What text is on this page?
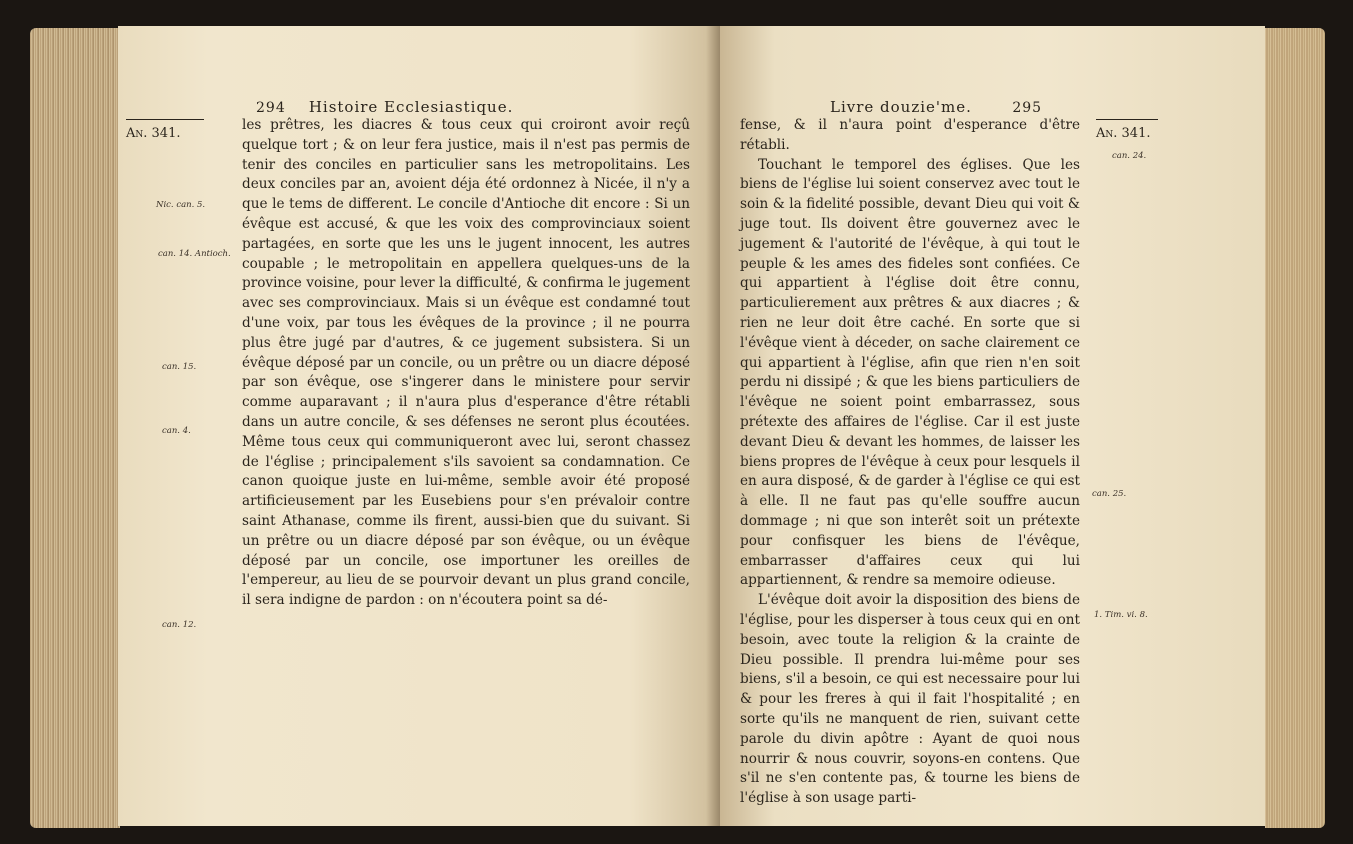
294 Histoire Ecclesiastique.
An. 341.
Nic. can. 5.
can. 14. Antioch.
can. 15.
can. 4.
can. 12.

les prêtres, les diacres & tous ceux qui croiront avoir reçû quelque tort ; & on leur fera justice, mais il n'est pas permis de tenir des conciles en particulier sans les metropolitains. Les deux conciles par an, avoient déja été ordonnez à Nicée, il n'y a que le tems de different. Le concile d'Antioche dit encore : Si un évêque est accusé, & que les voix des comprovinciaux soient partagées, en sorte que les uns le jugent innocent, les autres coupable ; le metropolitain en appellera quelques-uns de la province voisine, pour lever la difficulté, & confirma le jugement avec ses comprovinciaux. Mais si un évêque est condamné tout d'une voix, par tous les évêques de la province ; il ne pourra plus être jugé par d'autres, & ce jugement subsistera. Si un évêque déposé par un concile, ou un prêtre ou un diacre déposé par son évêque, ose s'ingerer dans le ministere pour servir comme auparavant ; il n'aura plus d'esperance d'être rétabli dans un autre concile, & ses défenses ne seront plus écoutées. Même tous ceux qui communiqueront avec lui, seront chassez de l'église ; principalement s'ils savoient sa condamnation. Ce canon quoique juste en lui-même, semble avoir été proposé artificieusement par les Eusebiens pour s'en prévaloir contre saint Athanase, comme ils firent, aussi-bien que du suivant. Si un prêtre ou un diacre déposé par son évêque, ou un évêque déposé par un concile, ose importuner les oreilles de l'empereur, au lieu de se pourvoir devant un plus grand concile, il sera indigne de pardon : on n'écoutera point sa dé-

Livre douzie'me.	295
An. 341.

fense, & il n'aura point d'esperance d'être rétabli.

Touchant le temporel des églises. Que les biens de l'église lui soient conservez avec tout le soin & la fidelité possible, devant Dieu qui voit & juge tout. Ils doivent être gouvernez avec le jugement & l'autorité de l'évêque, à qui tout le peuple & les ames des fideles sont confiées. Ce qui appartient à l'église doit être connu, particulierement aux prêtres & aux diacres ; & rien ne leur doit être caché. En sorte que si l'évêque vient à déceder, on sache clairement ce qui appartient à l'église, afin que rien n'en soit perdu ni dissipé ; & que les biens particuliers de l'évêque ne soient point embarrassez, sous prétexte des affaires de l'église. Car il est juste devant Dieu & devant les hommes, de laisser les biens propres de l'évêque à ceux pour lesquels il en aura disposé, & de garder à l'église ce qui est à elle. Il ne faut pas qu'elle souffre aucun dommage ; ni que son interêt soit un prétexte pour confisquer les biens de l'évêque, embarrasser d'affaires ceux qui lui appartiennent, & rendre sa memoire odieuse.

L'évêque doit avoir la disposition des biens de l'église, pour les disperser à tous ceux qui en ont besoin, avec toute la religion & la crainte de Dieu possible. Il prendra lui-même pour ses biens, s'il a besoin, ce qui est necessaire pour lui & pour les freres à qui il fait l'hospitalité ; en sorte qu'ils ne manquent de rien, suivant cette parole du divin apôtre : Ayant de quoi nous nourrir & nous couvrir, soyons-en contens. Que s'il ne s'en contente pas, & tourne les biens de l'église à son usage parti-

can. 24.
can. 25.
1. Tim. vi. 8.
